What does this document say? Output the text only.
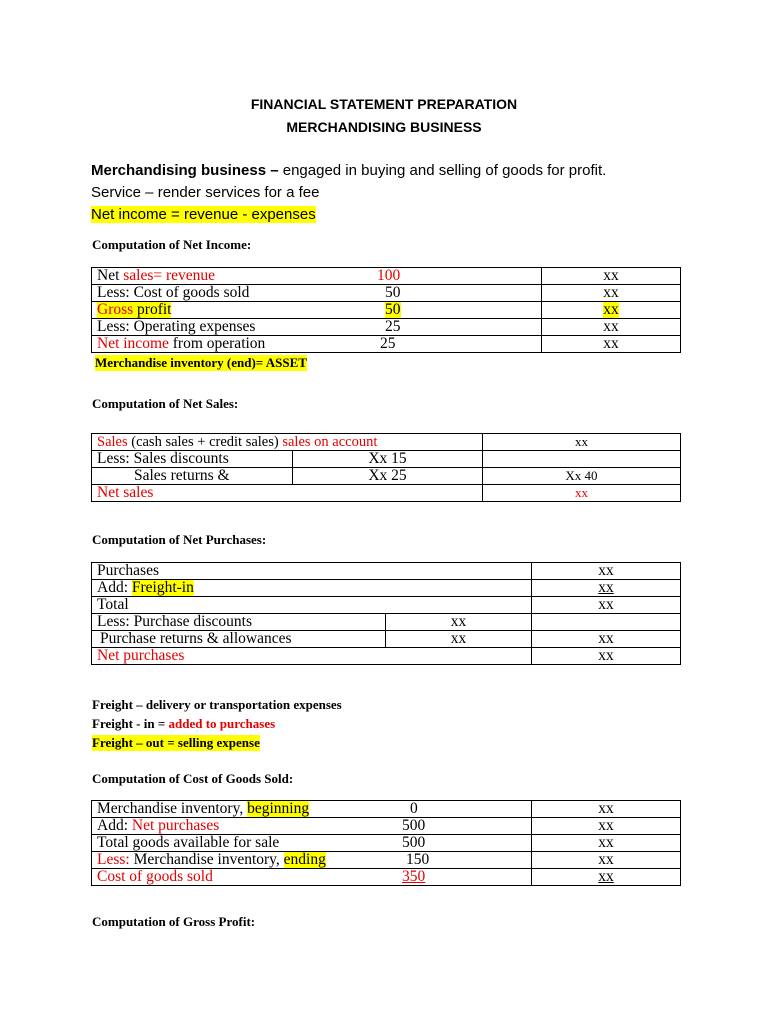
FINANCIAL STATEMENT PREPARATION
MERCHANDISING BUSINESS
Merchandising business – engaged in buying and selling of goods for profit.
Service – render services for a fee
Net income = revenue - expenses
Computation of Net Income:
Net sales= revenue 100	xx
Less: Cost of goods sold 50	xx
Gross profit 50	xx
Less: Operating expenses 25	xx
Net income from operation 25	xx
Merchandise inventory (end)= ASSET
Computation of Net Sales:
Sales (cash sales + credit sales) sales on account		xx
Less: Sales discounts	Xx 15	
Sales returns &	Xx 25	Xx 40
Net sales		xx
Computation of Net Purchases:
Purchases		xx
Add: Freight-in		xx
Total		xx
Less: Purchase discounts	xx	
Purchase returns & allowances	xx	xx
Net purchases		xx
Freight – delivery or transportation expenses
Freight - in = added to purchases
Freight – out = selling expense
Computation of Cost of Goods Sold:
Merchandise inventory, beginning 0	xx
Add: Net purchases 500	xx
Total goods available for sale 500	xx
Less: Merchandise inventory, ending 150	xx
Cost of goods sold 350	xx
Computation of Gross Profit:
